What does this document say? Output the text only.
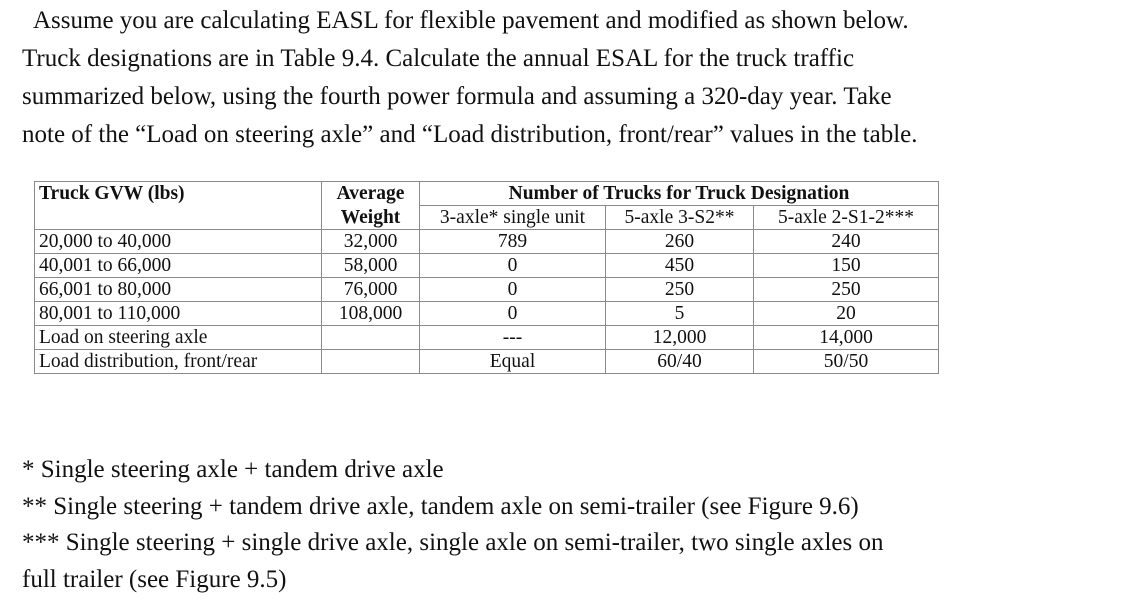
Assume you are calculating EASL for flexible pavement and modified as shown below.
Truck designations are in Table 9.4. Calculate the annual ESAL for the truck traffic
summarized below, using the fourth power formula and assuming a 320-day year. Take
note of the “Load on steering axle” and “Load distribution, front/rear” values in the table.
Truck GVW (lbs)	Average	Number of Trucks for Truck Designation		
	Weight	3-axle* single unit	5-axle 3-S2**	5-axle 2-S1-2***
20,000 to 40,000	32,000	789	260	240
40,001 to 66,000	58,000	0	450	150
66,001 to 80,000	76,000	0	250	250
80,001 to 110,000	108,000	0	5	20
Load on steering axle		---	12,000	14,000
Load distribution, front/rear		Equal	60/40	50/50
* Single steering axle + tandem drive axle
** Single steering + tandem drive axle, tandem axle on semi-trailer (see Figure 9.6)
*** Single steering + single drive axle, single axle on semi-trailer, two single axles on
full trailer (see Figure 9.5)
